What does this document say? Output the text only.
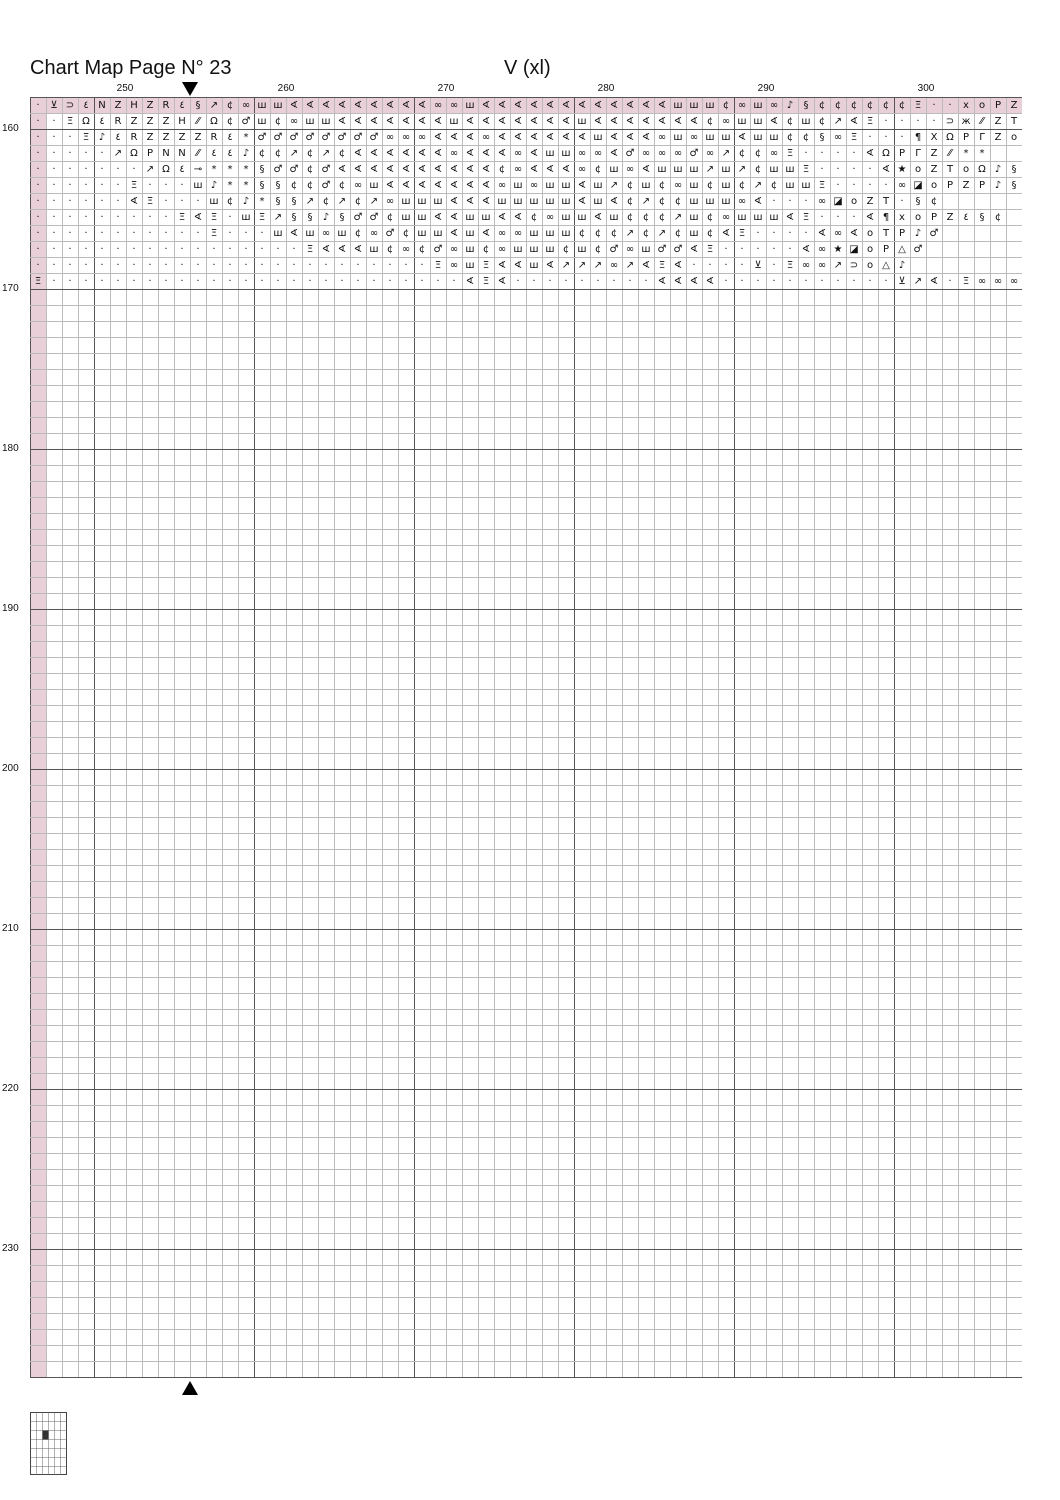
Chart Map Page N° 23	V (xl)
250	260	270	280	290	300
160
170
180
190
200
210
220
230
· ⊻ ⊃ ٤ N Z H Z R ٤ § ↗ ¢ ∞ ш ш ∢ ∢ ∢ ∢ ∢ ∢ ∢ ∢ ∢ ∞ ∞ ш ∢ ∢ ∢ ∢ ∢ ∢ ∢ ∢ ∢ ∢ ∢ ∢ ш ш ш ¢ ∞ ш ∞ ♪ § ¢ ¢ ¢ ¢ ¢ ¢ Ξ · · x o P Z
· · Ξ Ω ٤ R Z Z Z H ⁄⁄ Ω ¢ ♂ ш ¢ ∞ ш ш ∢ ∢ ∢ ∢ ∢ ∢ ∢ ш ∢ ∢ ∢ ∢ ∢ ∢ ∢ ш ∢ ∢ ∢ ∢ ∢ ∢ ∢ ¢ ∞ ш ш ∢ ¢ ш ¢ ↗ ∢ Ξ · · · · ⊃ ж ⁄⁄ Z T
· · · Ξ ♪ ٤ R Z Z Z Z R ٤ * ♂ ♂ ♂ ♂ ♂ ♂ ♂ ♂ ∞ ∞ ∞ ∢ ∢ ∢ ∞ ∢ ∢ ∢ ∢ ∢ ∢ ш ∢ ∢ ∢ ∞ ш ∞ ш ш ∢ ш ш ¢ ¢ § ∞ Ξ · · · ¶ X Ω P Γ Z o
· · · · · ↗ Ω P N N ⁄⁄ ٤ ٤ ♪ ¢ ¢ ↗ ¢ ↗ ¢ ∢ ∢ ∢ ∢ ∢ ∢ ∞ ∢ ∢ ∢ ∞ ∢ ш ш ∞ ∞ ∢ ♂ ∞ ∞ ∞ ♂ ∞ ↗ ¢ ¢ ∞ Ξ · · · · ∢ Ω P Γ Z ⁄⁄ * *
· · · · · · · ↗ Ω ٤ ⊸ * * * § ♂ ♂ ¢ ♂ ∢ ∢ ∢ ∢ ∢ ∢ ∢ ∢ ∢ ∢ ¢ ∞ ∢ ∢ ∢ ∞ ¢ ш ∞ ∢ ш ш ш ↗ ш ↗ ¢ ш ш Ξ · · · · ∢ ★ o Z T o Ω ♪ §
· · · · · · Ξ · · · ш ♪ * * § § ¢ ¢ ♂ ¢ ∞ ш ∢ ∢ ∢ ∢ ∢ ∢ ∢ ∞ ш ∞ ш ш ∢ ш ↗ ¢ ш ¢ ∞ ш ¢ ш ¢ ↗ ¢ ш ш Ξ · · · · ∞ ◪ o P Z P ♪ §
· · · · · · ∢ Ξ · · · ш ¢ ♪ * § § ↗ ¢ ↗ ¢ ↗ ∞ ш ш ш ∢ ∢ ∢ ш ш ш ш ш ∢ ш ∢ ¢ ↗ ¢ ¢ ш ш ш ∞ ∢ · · · ∞ ◪ o Z T · § ¢
· · · · · · · · · Ξ ∢ Ξ · ш Ξ ↗ § § ♪ § ♂ ♂ ¢ ш ш ∢ ∢ ш ш ∢ ∢ ¢ ∞ ш ш ∢ ш ¢ ¢ ¢ ↗ ш ¢ ∞ ш ш ш ∢ Ξ · · · ∢ ¶ x o P Z ٤ § ¢
· · · · · · · · · · · Ξ · · · ш ∢ ш ∞ ш ¢ ∞ ♂ ¢ ш ш ∢ ш ∢ ∞ ∞ ш ш ш ¢ ¢ ¢ ↗ ¢ ↗ ¢ ш ¢ ∢ Ξ · · · · ∢ ∞ ∢ o T P ♪ ♂
· · · · · · · · · · · · · · · · · Ξ ∢ ∢ ∢ ш ¢ ∞ ¢ ♂ ∞ ш ¢ ∞ ш ш ш ¢ ш ¢ ♂ ∞ ш ♂ ♂ ∢ Ξ · · · · · ∢ ∞ ★ ◪ o P △ ♂
· · · · · · · · · · · · · · · · · · · · · · · · · Ξ ∞ ш Ξ ∢ ∢ ш ∢ ↗ ↗ ↗ ∞ ↗ ∢ Ξ ∢ · · · · ⊻ · Ξ ∞ ∞ ↗ ⊃ o △ ♪
Ξ · · · · · · · · · · · · · · · · · · · · · · · · · · ∢ Ξ ∢ · · · · · · · · · ∢ ∢ ∢ ∢ · · · · · · · · · · · ⊻ ↗ ∢ · Ξ ∞ ∞ ∞
